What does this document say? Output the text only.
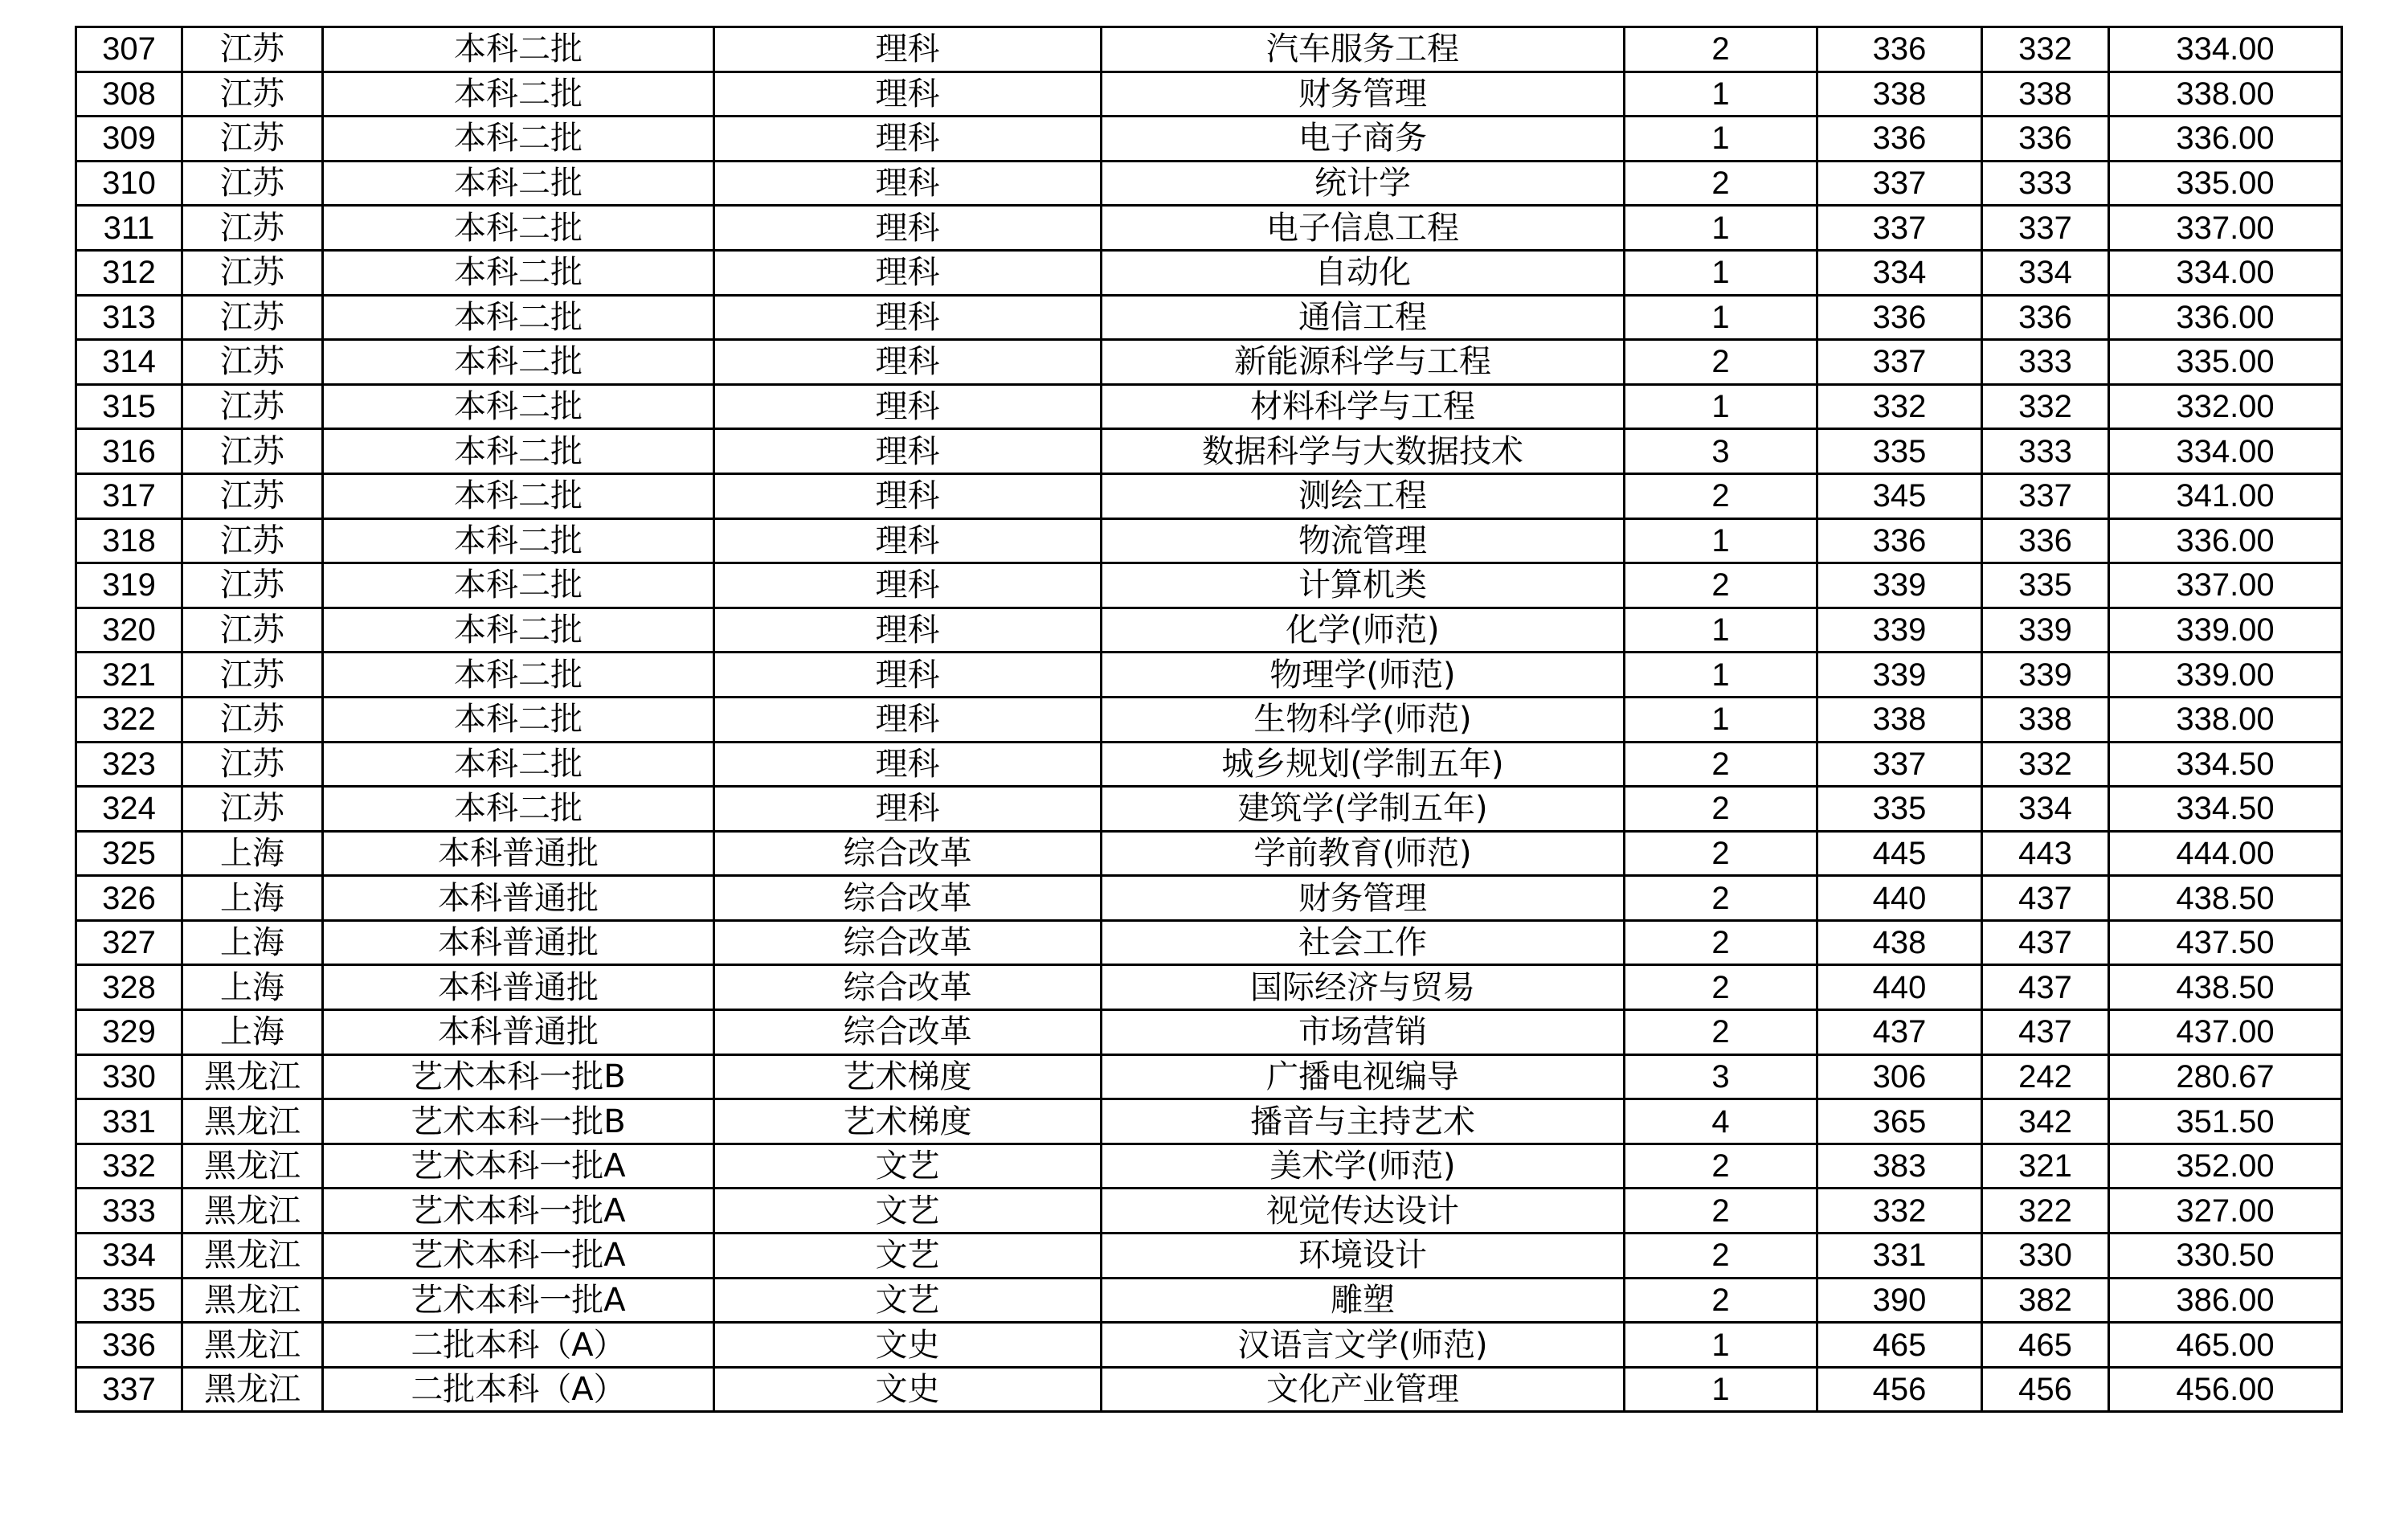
307	江苏	本科二批	理科	汽车服务工程	2	336	332	334.00
308	江苏	本科二批	理科	财务管理	1	338	338	338.00
309	江苏	本科二批	理科	电子商务	1	336	336	336.00
310	江苏	本科二批	理科	统计学	2	337	333	335.00
311	江苏	本科二批	理科	电子信息工程	1	337	337	337.00
312	江苏	本科二批	理科	自动化	1	334	334	334.00
313	江苏	本科二批	理科	通信工程	1	336	336	336.00
314	江苏	本科二批	理科	新能源科学与工程	2	337	333	335.00
315	江苏	本科二批	理科	材料科学与工程	1	332	332	332.00
316	江苏	本科二批	理科	数据科学与大数据技术	3	335	333	334.00
317	江苏	本科二批	理科	测绘工程	2	345	337	341.00
318	江苏	本科二批	理科	物流管理	1	336	336	336.00
319	江苏	本科二批	理科	计算机类	2	339	335	337.00
320	江苏	本科二批	理科	化学(师范)	1	339	339	339.00
321	江苏	本科二批	理科	物理学(师范)	1	339	339	339.00
322	江苏	本科二批	理科	生物科学(师范)	1	338	338	338.00
323	江苏	本科二批	理科	城乡规划(学制五年)	2	337	332	334.50
324	江苏	本科二批	理科	建筑学(学制五年)	2	335	334	334.50
325	上海	本科普通批	综合改革	学前教育(师范)	2	445	443	444.00
326	上海	本科普通批	综合改革	财务管理	2	440	437	438.50
327	上海	本科普通批	综合改革	社会工作	2	438	437	437.50
328	上海	本科普通批	综合改革	国际经济与贸易	2	440	437	438.50
329	上海	本科普通批	综合改革	市场营销	2	437	437	437.00
330	黑龙江	艺术本科一批B	艺术梯度	广播电视编导	3	306	242	280.67
331	黑龙江	艺术本科一批B	艺术梯度	播音与主持艺术	4	365	342	351.50
332	黑龙江	艺术本科一批A	文艺	美术学(师范)	2	383	321	352.00
333	黑龙江	艺术本科一批A	文艺	视觉传达设计	2	332	322	327.00
334	黑龙江	艺术本科一批A	文艺	环境设计	2	331	330	330.50
335	黑龙江	艺术本科一批A	文艺	雕塑	2	390	382	386.00
336	黑龙江	二批本科（A）	文史	汉语言文学(师范)	1	465	465	465.00
337	黑龙江	二批本科（A）	文史	文化产业管理	1	456	456	456.00
